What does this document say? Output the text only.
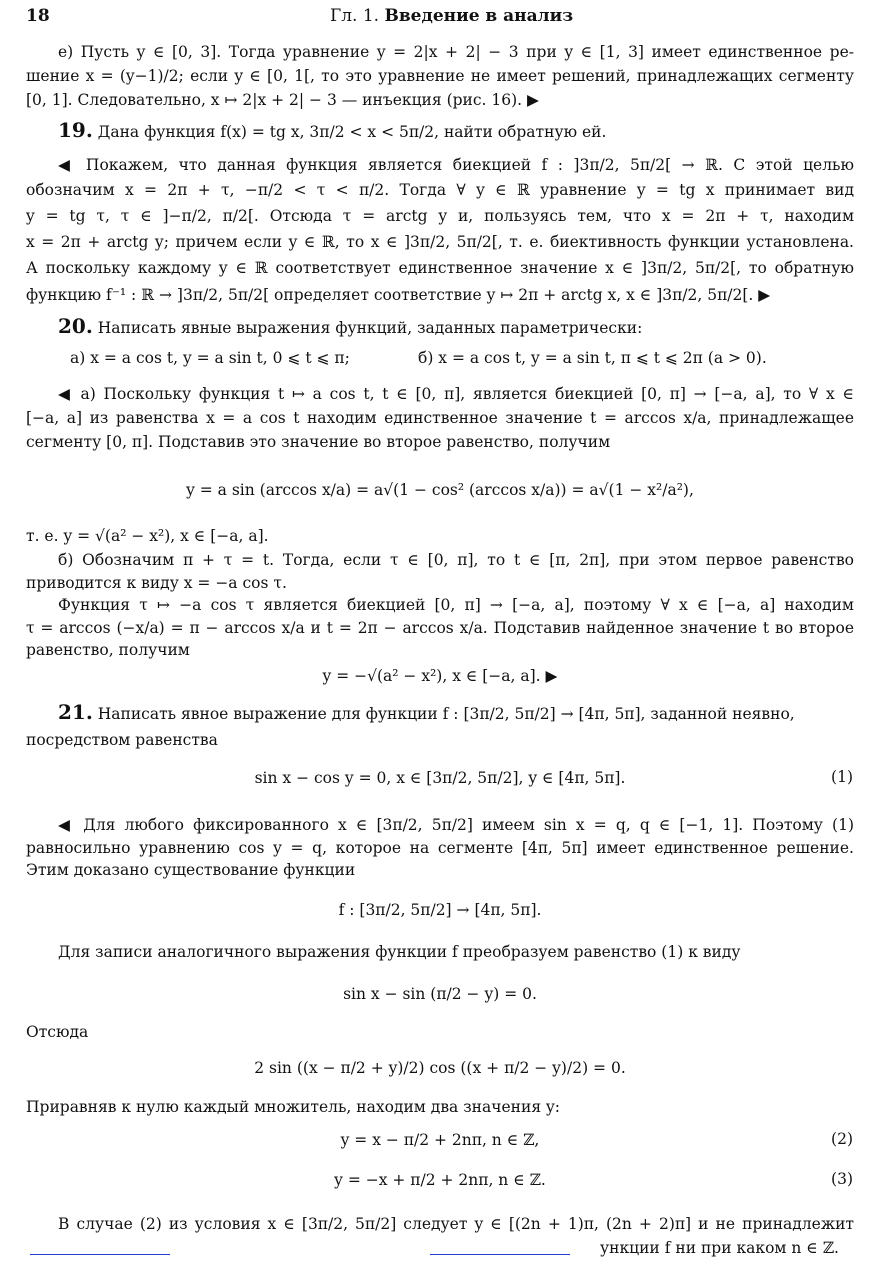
18	Гл. 1. Введение в анализ
e) Пусть y ∈ [0, 3]. Тогда уравнение y = 2|x + 2| − 3 при y ∈ [1, 3] имеет единственное ре-
шение x = (y−1)/2; если y ∈ [0, 1[, то это уравнение не имеет решений, принадлежащих сегменту
[0, 1]. Следовательно, x ↦ 2|x + 2| − 3 — инъекция (рис. 16). ▶
19. Дана функция f(x) = tg x, 3π/2 < x < 5π/2, найти обратную ей.
◀ Покажем, что данная функция является биекцией f : ]3π/2, 5π/2[ → ℝ. С этой целью
обозначим x = 2π + τ, −π/2 < τ < π/2. Тогда ∀ y ∈ ℝ уравнение y = tg x принимает вид
y = tg τ, τ ∈ ]−π/2, π/2[. Отсюда τ = arctg y и, пользуясь тем, что x = 2π + τ, находим
x = 2π + arctg y; причем если y ∈ ℝ, то x ∈ ]3π/2, 5π/2[, т. е. биективность функции установлена.
А поскольку каждому y ∈ ℝ соответствует единственное значение x ∈ ]3π/2, 5π/2[, то обратную
функцию f⁻¹ : ℝ → ]3π/2, 5π/2[ определяет соответствие y ↦ 2π + arctg x, x ∈ ]3π/2, 5π/2[. ▶
20. Написать явные выражения функций, заданных параметрически:
а) x = a cos t, y = a sin t, 0 ⩽ t ⩽ π;	б) x = a cos t, y = a sin t, π ⩽ t ⩽ 2π (a > 0).
◀ а) Поскольку функция t ↦ a cos t, t ∈ [0, π], является биекцией [0, π] → [−a, a], то ∀ x ∈
[−a, a] из равенства x = a cos t находим единственное значение t = arccos x/a, принадлежащее
сегменту [0, π]. Подставив это значение во второе равенство, получим
y = a sin (arccos x/a) = a√(1 − cos² (arccos x/a)) = a√(1 − x²/a²),
т. е. y = √(a² − x²), x ∈ [−a, a].
б) Обозначим π + τ = t. Тогда, если τ ∈ [0, π], то t ∈ [π, 2π], при этом первое равенство
приводится к виду x = −a cos τ.
Функция τ ↦ −a cos τ является биекцией [0, π] → [−a, a], поэтому ∀ x ∈ [−a, a] находим
τ = arccos (−x/a) = π − arccos x/a и t = 2π − arccos x/a. Подставив найденное значение t во второе
равенство, получим
y = −√(a² − x²), x ∈ [−a, a]. ▶
21. Написать явное выражение для функции f : [3π/2, 5π/2] → [4π, 5π], заданной неявно,
посредством равенства
sin x − cos y = 0, x ∈ [3π/2, 5π/2], y ∈ [4π, 5π].	(1)
◀ Для любого фиксированного x ∈ [3π/2, 5π/2] имеем sin x = q, q ∈ [−1, 1]. Поэтому (1)
равносильно уравнению cos y = q, которое на сегменте [4π, 5π] имеет единственное решение.
Этим доказано существование функции
f : [3π/2, 5π/2] → [4π, 5π].
Для записи аналогичного выражения функции f преобразуем равенство (1) к виду
sin x − sin (π/2 − y) = 0.
Отсюда
2 sin ((x − π/2 + y)/2) cos ((x + π/2 − y)/2) = 0.
Приравняв к нулю каждый множитель, находим два значения y:
y = x − π/2 + 2nπ, n ∈ ℤ,	(2)
y = −x + π/2 + 2nπ, n ∈ ℤ.	(3)
В случае (2) из условия x ∈ [3π/2, 5π/2] следует y ∈ [(2n + 1)π, (2n + 2)π] и не принадлежит
ункции f ни при каком n ∈ ℤ.
